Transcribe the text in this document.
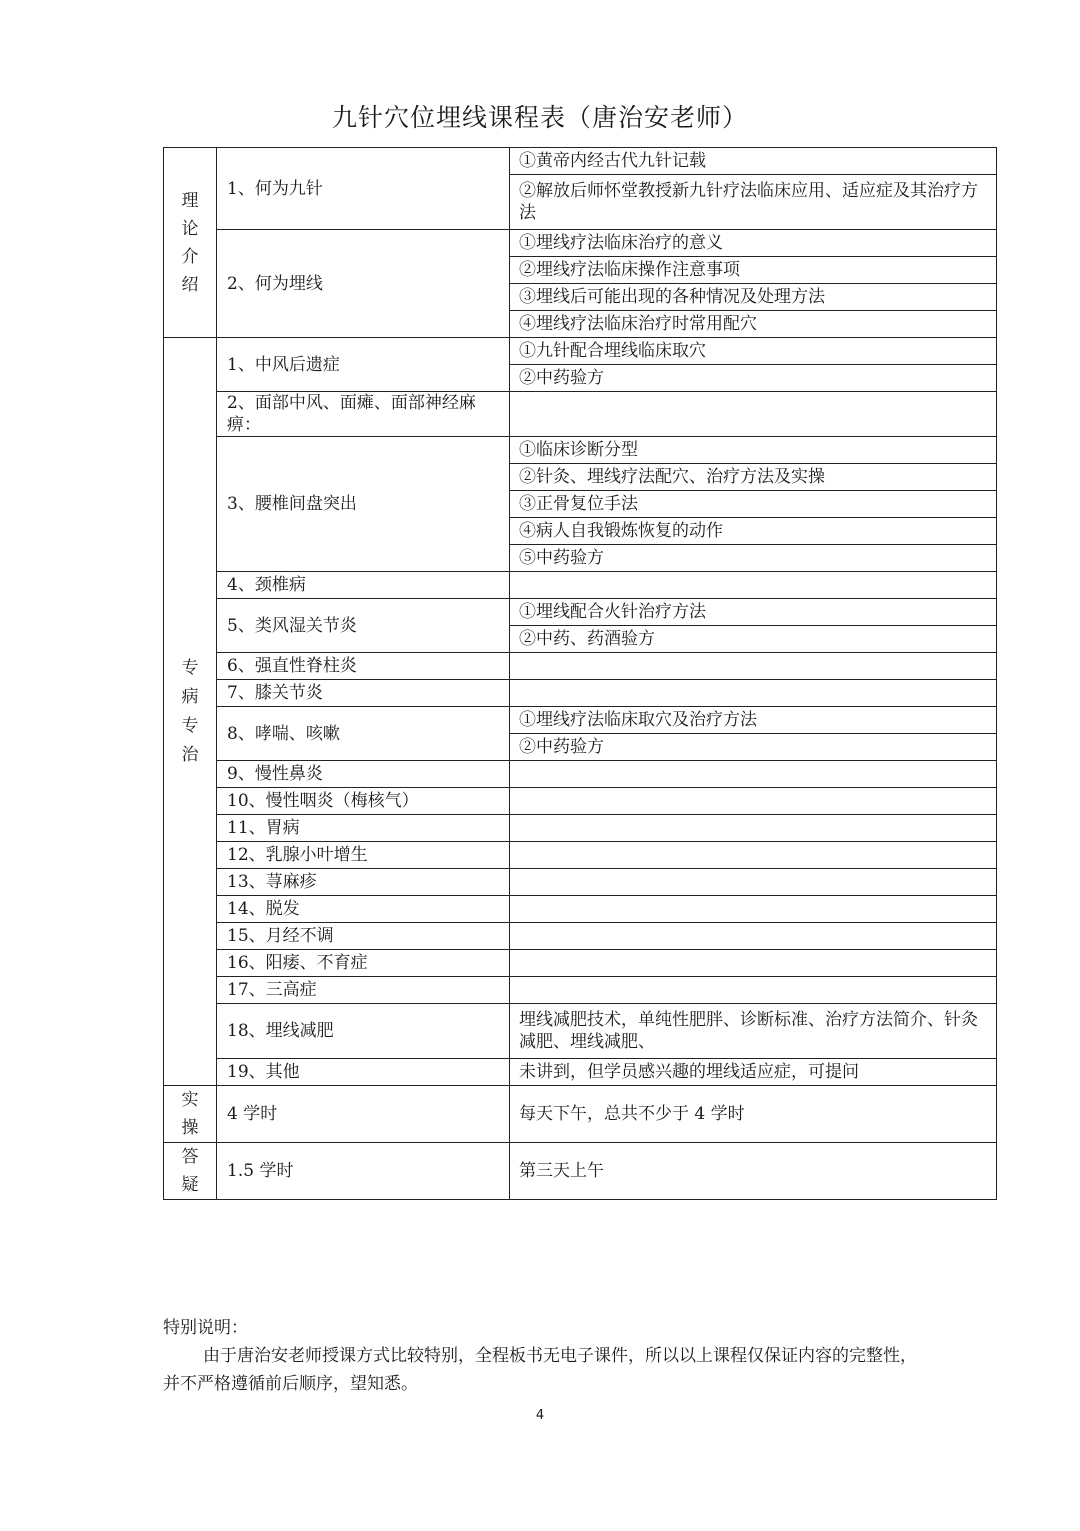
九针穴位埋线课程表（唐治安老师）
理
论
介
绍	1、何为九针	①黄帝内经古代九针记载
		②解放后师怀堂教授新九针疗法临床应用、适应症及其治疗方法
	2、何为埋线	①埋线疗法临床治疗的意义
		②埋线疗法临床操作注意事项
		③埋线后可能出现的各种情况及处理方法
		④埋线疗法临床治疗时常用配穴

专
病
专
治	1、中风后遗症	①九针配合埋线临床取穴
		②中药验方
	2、面部中风、面瘫、面部神经麻痹：	
	3、腰椎间盘突出	①临床诊断分型
		②针灸、埋线疗法配穴、治疗方法及实操
		③正骨复位手法
		④病人自我锻炼恢复的动作
		⑤中药验方
	4、颈椎病	
	5、类风湿关节炎	①埋线配合火针治疗方法
		②中药、药酒验方
	6、强直性脊柱炎	
	7、膝关节炎	
	8、哮喘、咳嗽	①埋线疗法临床取穴及治疗方法
		②中药验方
	9、慢性鼻炎	
	10、慢性咽炎（梅核气）	
	11、胃病	
	12、乳腺小叶增生	
	13、荨麻疹	
	14、脱发	
	15、月经不调	
	16、阳痿、不育症	
	17、三高症	
	18、埋线减肥	埋线减肥技术，单纯性肥胖、诊断标准、治疗方法简介、针灸减肥、埋线减肥、
	19、其他	未讲到，但学员感兴趣的埋线适应症，可提问

实
操	4 学时	每天下午，总共不少于 4 学时

答
疑	1.5 学时	第三天上午
特别说明：
由于唐治安老师授课方式比较特别，全程板书无电子课件，所以以上课程仅保证内容的完整性，并不严格遵循前后顺序，望知悉。
4
